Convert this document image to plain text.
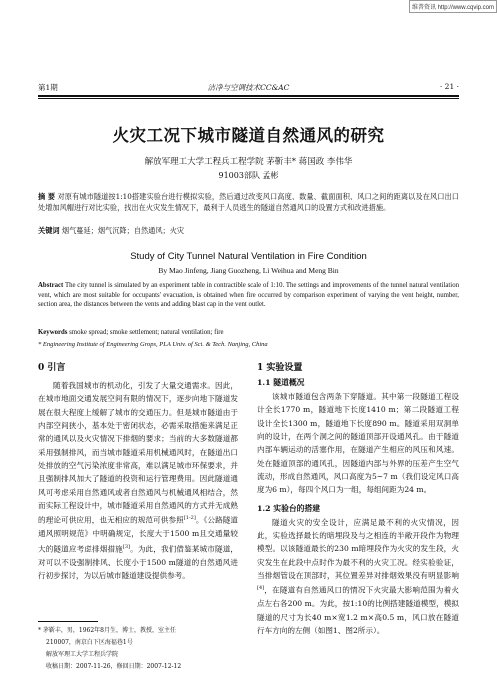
维普资讯 http://www.cqvip.com
第1期	洁净与空调技术CC&AC	· 21 ·
火灾工况下城市隧道自然通风的研究
解放军理工大学工程兵工程学院 茅靳丰* 蒋国政 李伟华
91003部队 孟彬
摘 要 对原有城市隧道按1:10搭建实验台进行模拟实验，然后通过改变风口高度、数量、截面面积、风口之间的距离以及在风口出口处增加风帽进行对比实验，找出在火灾发生情况下，最利于人员逃生的隧道自然通风口的设置方式和改进措施。
关键词 烟气蔓延；烟气沉降；自然通风；火灾
Study of City Tunnel Natural Ventilation in Fire Condition
By Mao Jinfeng, Jiang Guozheng, Li Weihua and Meng Bin
Abstract The city tunnel is simulated by an experiment table in contractible scale of 1:10. The settings and improvements of the tunnel natural ventilation vent, which are most suitable for occupants' evacuation, is obtained when fire occurred by comparison experiment of varying the vent height, number, section area, the distances between the vents and adding blast cap in the vent outlet.
Keywords smoke spread; smoke settlement; natural ventilation; fire
* Engineering Institute of Engineering Grops, PLA Univ. of Sci. & Tech. Nanjing, China
0 引言
随着我国城市的机动化，引发了大量交通需求。因此，在城市地面交通发展空间有限的情况下，逐步向地下隧道发展在很大程度上缓解了城市的交通压力。但是城市隧道由于内部空间狭小，基本处于密闭状态，必需采取措施来满足正常的通风以及火灾情况下排烟的要求；当前的大多数隧道都采用强制排风，而当城市隧道采用机械通风时，在隧道出口处排放的空气污染浓度非常高，难以满足城市环保要求，并且强制排风加大了隧道的投资和运行管理费用。因此隧道通风可考虑采用自然通风或者自然通风与机械通风相结合，然而实际工程设计中，城市隧道采用自然通风的方式并无成熟的理论可供应用，也无相应的规范可供参照[1-2]。《公路隧道通风照明规范》中明确规定，长度大于1500 m且交通量较大的隧道应考虑排烟措施[3]。为此，我们借鉴某城市隧道，对可以不设强制排风、长度小于1500 m隧道的自然通风进行初步探讨，为以后城市隧道建设提供参考。
* 茅靳丰，男，1962年8月生，博士，教授，室主任
210007，南京白下区海福巷1号
解放军理工大学工程兵学院
收稿日期：2007-11-26，修回日期：2007-12-12
1 实验设置
1.1 隧道概况
该城市隧道包含两条下穿隧道。其中第一段隧道工程设计全长1770 m，隧道地下长度1410 m；第二段隧道工程设计全长1300 m，隧道地下长度890 m。隧道采用双洞单向的设计，在两个洞之间的隧道顶部开设通风孔。由于隧道内部车辆运动的活塞作用，在隧道产生相应的风压和风速。处在隧道顶部的通风孔，因隧道内部与外界的压差产生空气流动，形成自然通风，风口高度为5~7 m（我们设定风口高度为6 m），每四个风口为一组，每组间距为24 m。
1.2 实验台的搭建
隧道火灾的安全设计，应满足最不利的火灾情况，因此，实验选择最长的暗埋段及与之相连的半敞开段作为物理模型。以该隧道最长的230 m暗埋段作为火灾的发生段，火灾发生在此段中点时作为最不利的火灾工况。经实验验证，当排烟管设在顶部时，其位置差异对排烟效果没有明显影响[4]，在隧道有自然通风口的情况下火灾最大影响范围为着火点左右各200 m。为此，按1:10的比例搭建隧道模型，模拟隧道的尺寸为长40 m×宽1.2 m×高0.5 m，风口放在隧道行车方向的左侧（如图1、图2所示）。
